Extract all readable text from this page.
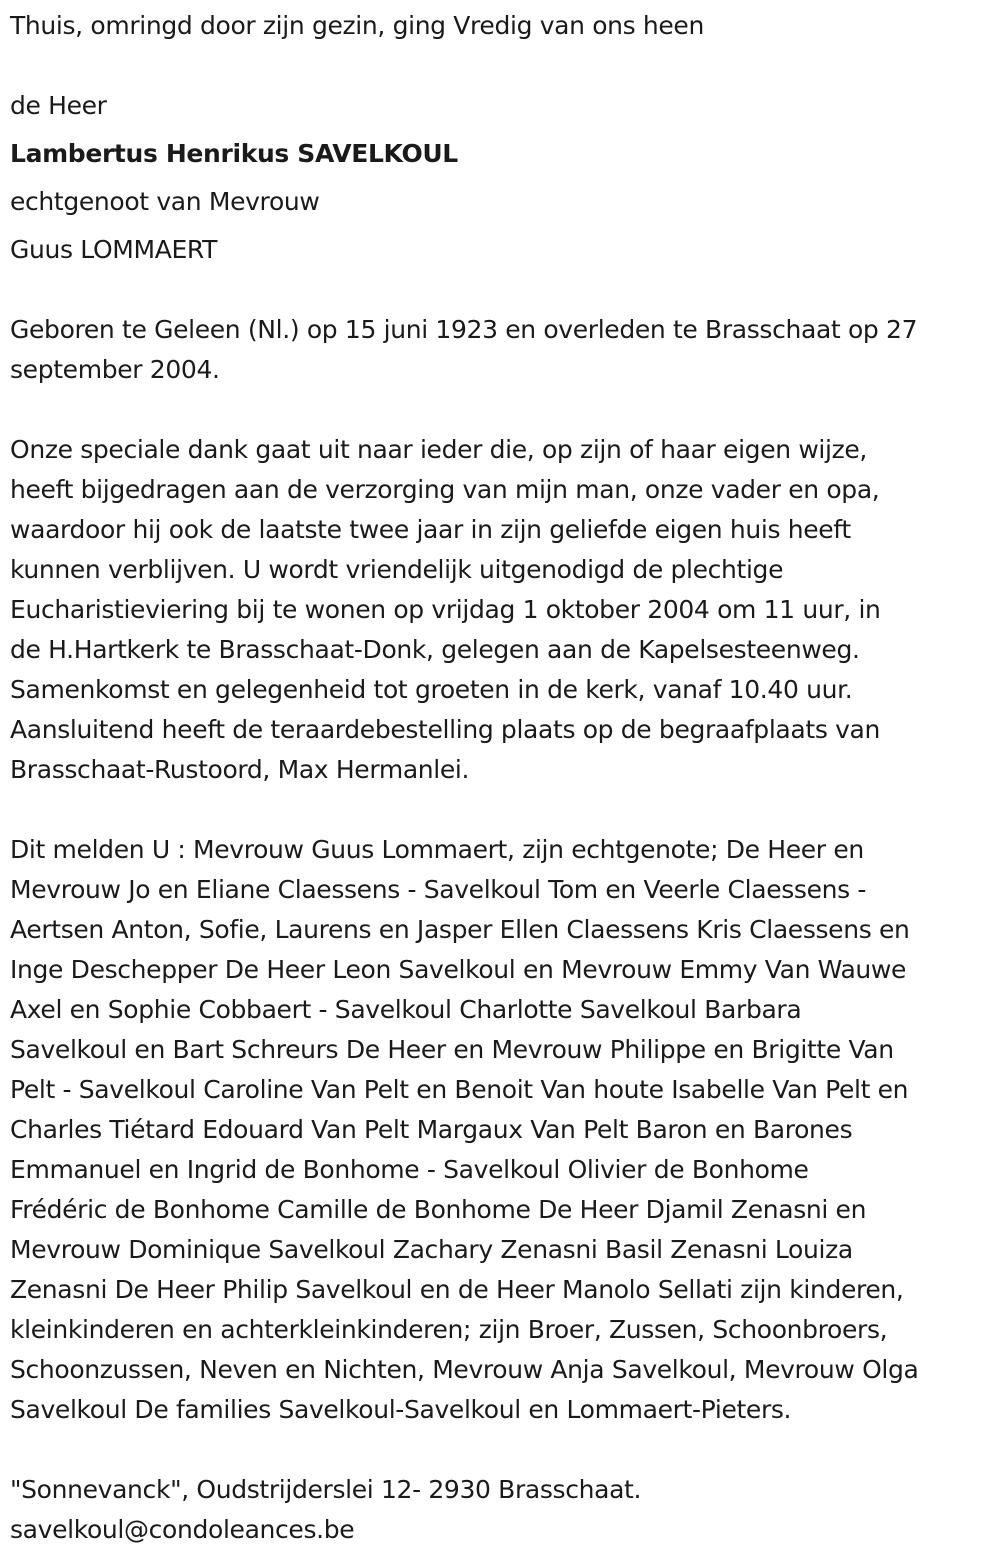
Thuis, omringd door zijn gezin, ging Vredig van ons heen

de Heer

Lambertus Henrikus SAVELKOUL

echtgenoot van Mevrouw

Guus LOMMAERT

Geboren te Geleen (Nl.) op 15 juni 1923 en overleden te Brasschaat op 27
september 2004.

Onze speciale dank gaat uit naar ieder die, op zijn of haar eigen wijze,
heeft bijgedragen aan de verzorging van mijn man, onze vader en opa,
waardoor hij ook de laatste twee jaar in zijn geliefde eigen huis heeft
kunnen verblijven. U wordt vriendelijk uitgenodigd de plechtige
Eucharistieviering bij te wonen op vrijdag 1 oktober 2004 om 11 uur, in
de H.Hartkerk te Brasschaat-Donk, gelegen aan de Kapelsesteenweg.
Samenkomst en gelegenheid tot groeten in de kerk, vanaf 10.40 uur.
Aansluitend heeft de teraardebestelling plaats op de begraafplaats van
Brasschaat-Rustoord, Max Hermanlei.

Dit melden U : Mevrouw Guus Lommaert, zijn echtgenote; De Heer en
Mevrouw Jo en Eliane Claessens - Savelkoul Tom en Veerle Claessens -
Aertsen Anton, Sofie, Laurens en Jasper Ellen Claessens Kris Claessens en
Inge Deschepper De Heer Leon Savelkoul en Mevrouw Emmy Van Wauwe
Axel en Sophie Cobbaert - Savelkoul Charlotte Savelkoul Barbara
Savelkoul en Bart Schreurs De Heer en Mevrouw Philippe en Brigitte Van
Pelt - Savelkoul Caroline Van Pelt en Benoit Van houte Isabelle Van Pelt en
Charles Tiétard Edouard Van Pelt Margaux Van Pelt Baron en Barones
Emmanuel en Ingrid de Bonhome - Savelkoul Olivier de Bonhome
Frédéric de Bonhome Camille de Bonhome De Heer Djamil Zenasni en
Mevrouw Dominique Savelkoul Zachary Zenasni Basil Zenasni Louiza
Zenasni De Heer Philip Savelkoul en de Heer Manolo Sellati zijn kinderen,
kleinkinderen en achterkleinkinderen; zijn Broer, Zussen, Schoonbroers,
Schoonzussen, Neven en Nichten, Mevrouw Anja Savelkoul, Mevrouw Olga
Savelkoul De families Savelkoul-Savelkoul en Lommaert-Pieters.

"Sonnevanck", Oudstrijderslei 12- 2930 Brasschaat.

savelkoul@condoleances.be
